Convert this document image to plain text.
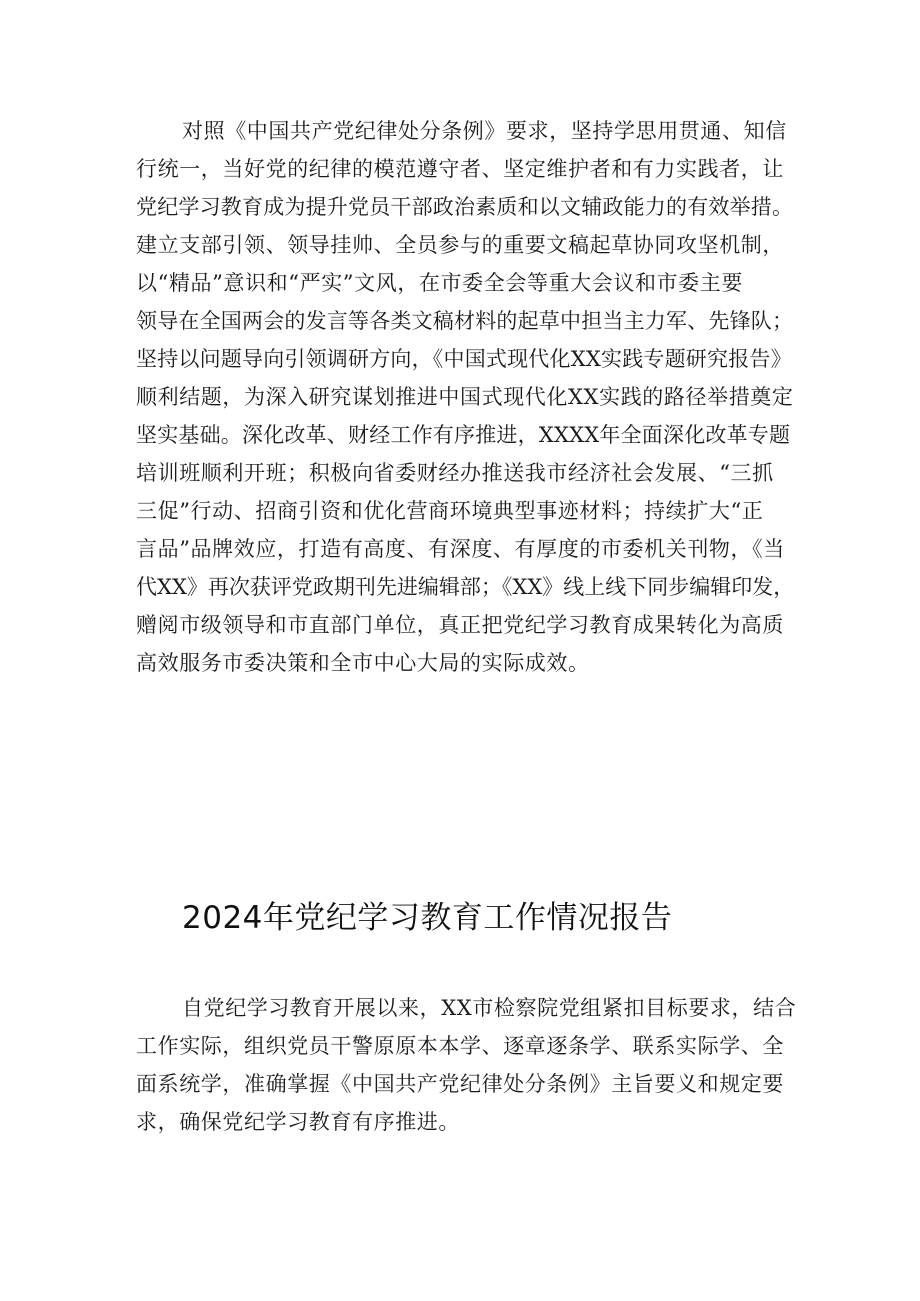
对照《中国共产党纪律处分条例》要求，坚持学思用贯通、知信
行统一，当好党的纪律的模范遵守者、坚定维护者和有力实践者，让
党纪学习教育成为提升党员干部政治素质和以文辅政能力的有效举措。
建立支部引领、领导挂帅、全员参与的重要文稿起草协同攻坚机制，
以“精品”意识和“严实”文风，在市委全会等重大会议和市委主要
领导在全国两会的发言等各类文稿材料的起草中担当主力军、先锋队；
坚持以问题导向引领调研方向，《中国式现代化XX实践专题研究报告》
顺利结题，为深入研究谋划推进中国式现代化XX实践的路径举措奠定
坚实基础。深化改革、财经工作有序推进，XXXX年全面深化改革专题
培训班顺利开班；积极向省委财经办推送我市经济社会发展、“三抓
三促”行动、招商引资和优化营商环境典型事迹材料；持续扩大“正
言品”品牌效应，打造有高度、有深度、有厚度的市委机关刊物，《当
代XX》再次获评党政期刊先进编辑部；《XX》线上线下同步编辑印发，
赠阅市级领导和市直部门单位，真正把党纪学习教育成果转化为高质
高效服务市委决策和全市中心大局的实际成效。
2024年党纪学习教育工作情况报告
自党纪学习教育开展以来，XX市检察院党组紧扣目标要求，结合
工作实际，组织党员干警原原本本学、逐章逐条学、联系实际学、全
面系统学，准确掌握《中国共产党纪律处分条例》主旨要义和规定要
求，确保党纪学习教育有序推进。
